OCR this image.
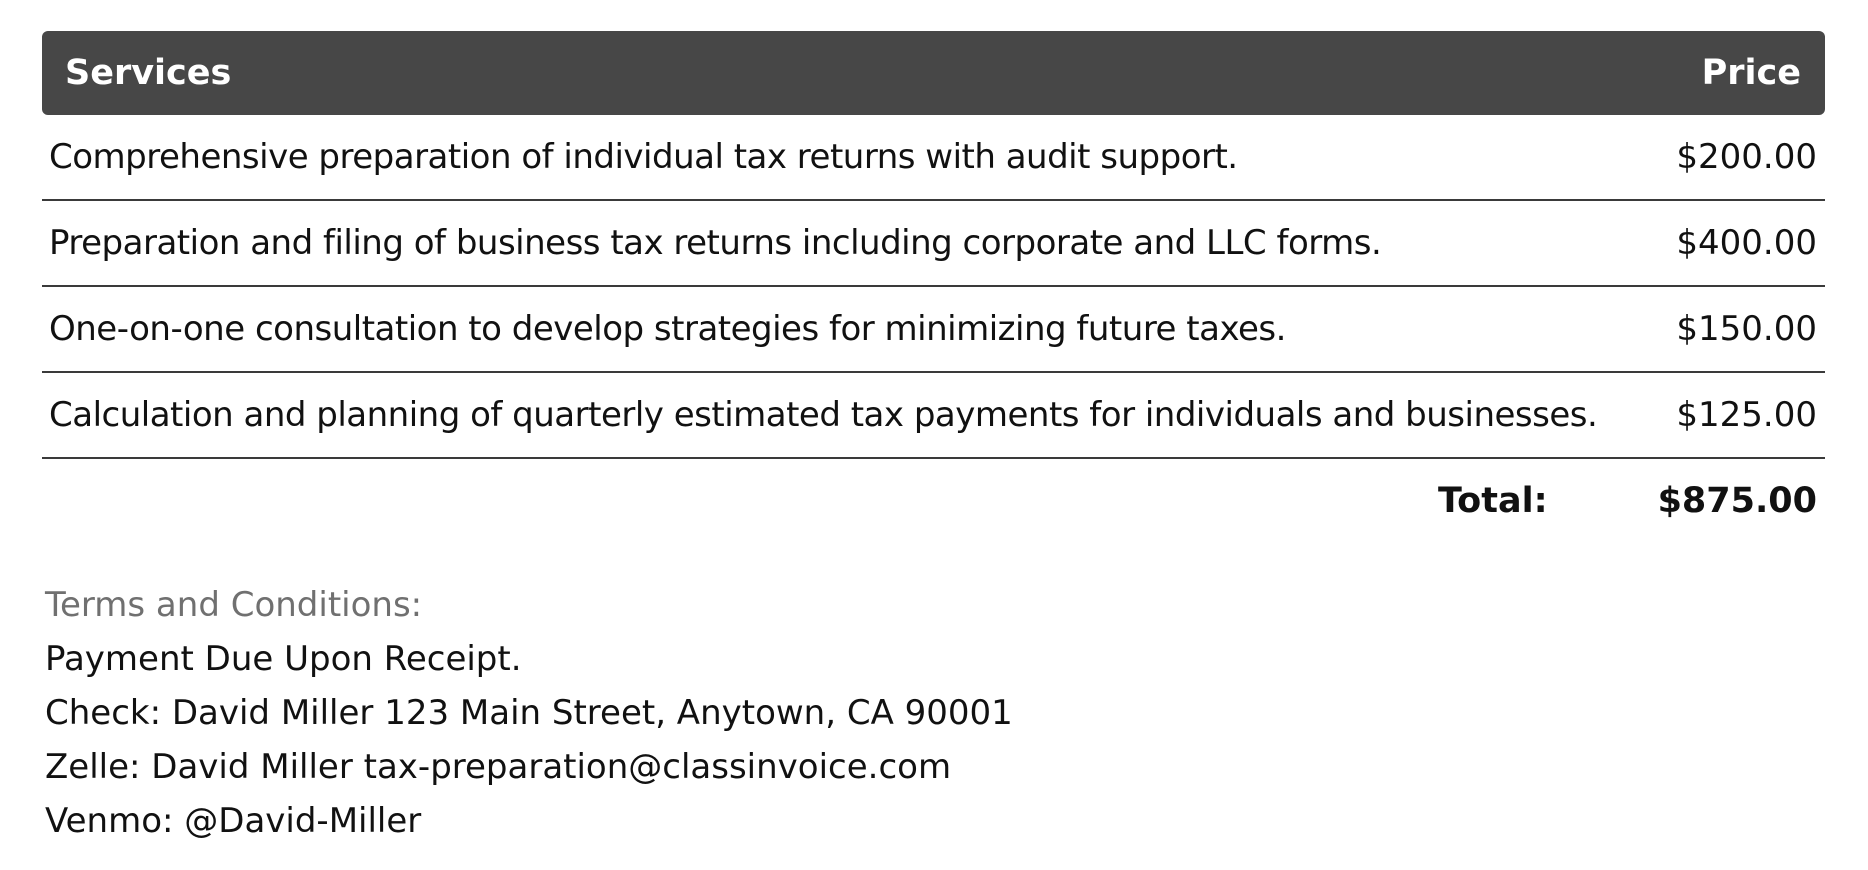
Services	Price
Comprehensive preparation of individual tax returns with audit support.	$200.00
Preparation and filing of business tax returns including corporate and LLC forms.	$400.00
One-on-one consultation to develop strategies for minimizing future taxes.	$150.00
Calculation and planning of quarterly estimated tax payments for individuals and businesses. $125.00
Total:	$875.00
Terms and Conditions:
Payment Due Upon Receipt.
Check: David Miller 123 Main Street, Anytown, CA 90001
Zelle: David Miller tax-preparation@classinvoice.com
Venmo: @David-Miller
